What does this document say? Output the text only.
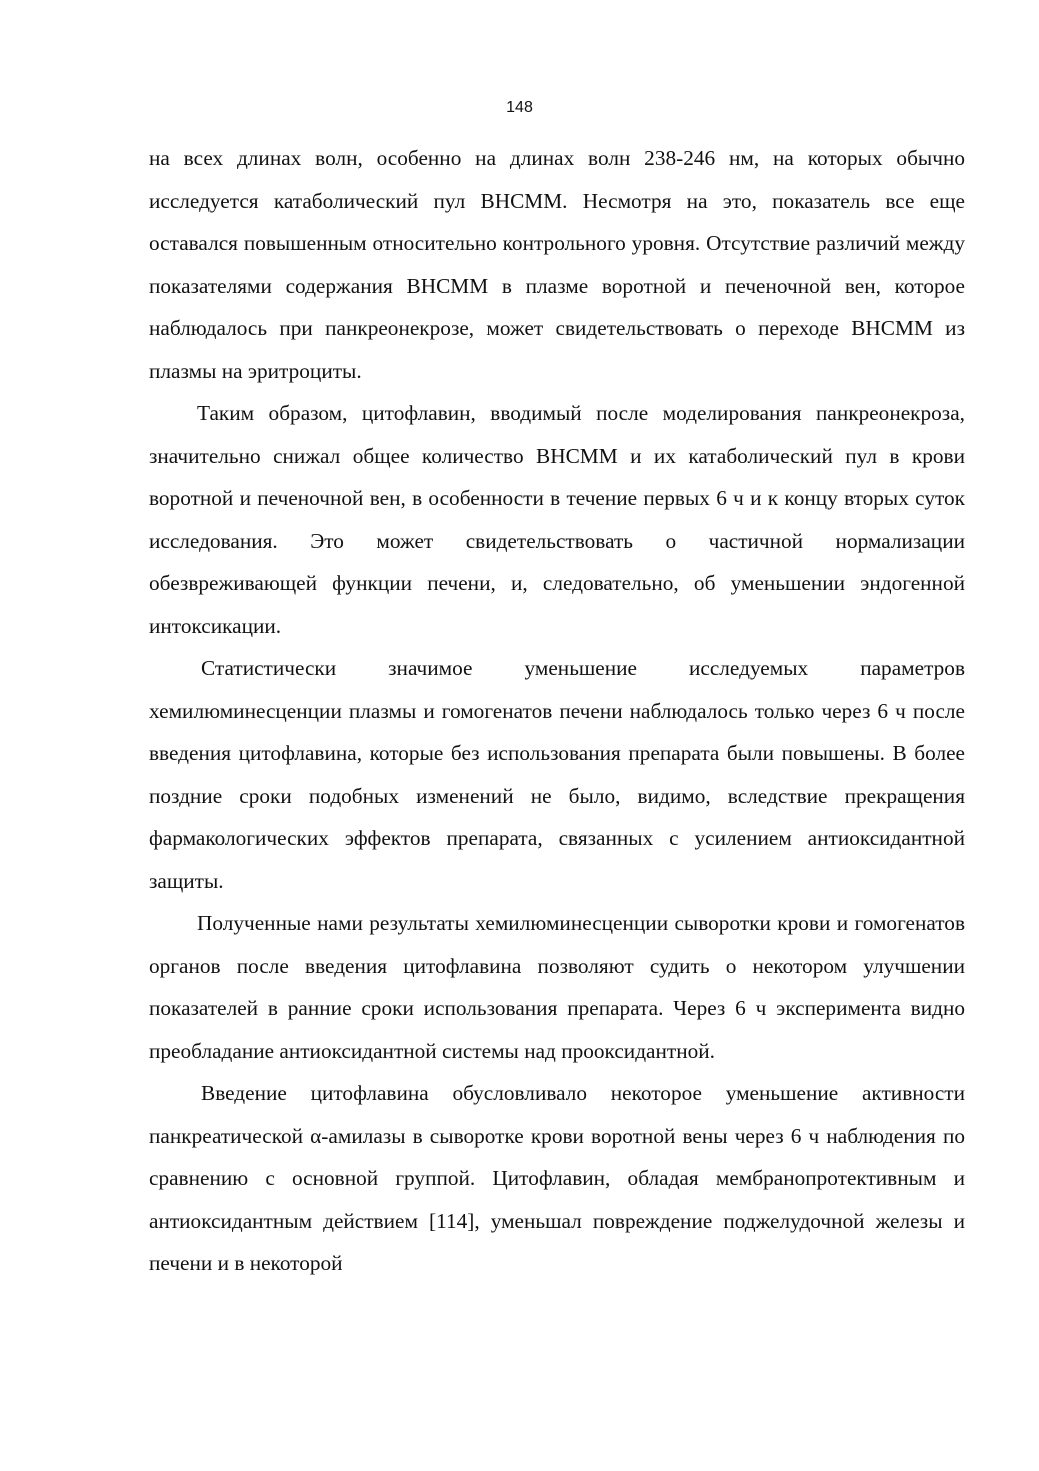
148

на всех длинах волн, особенно на длинах волн 238-246 нм, на которых обычно исследуется катаболический пул ВНСММ. Несмотря на это, показатель все еще оставался повышенным относительно контрольного уровня. Отсутствие различий между показателями содержания ВНСММ в плазме воротной и печеночной вен, которое наблюдалось при панкреонекрозе, может свидетельствовать о переходе ВНСММ из плазмы на эритроциты.

Таким образом, цитофлавин, вводимый после моделирования панкреонекроза, значительно снижал общее количество ВНСММ и их катаболический пул в крови воротной и печеночной вен, в особенности в течение первых 6 ч и к концу вторых суток исследования. Это может свидетельствовать о частичной нормализации обезвреживающей функции печени, и, следовательно, об уменьшении эндогенной интоксикации.

Статистически значимое уменьшение исследуемых параметров хемилюминесценции плазмы и гомогенатов печени наблюдалось только через 6 ч после введения цитофлавина, которые без использования препарата были повышены. В более поздние сроки подобных изменений не было, видимо, вследствие прекращения фармакологических эффектов препарата, связанных с усилением антиоксидантной защиты.

Полученные нами результаты хемилюминесценции сыворотки крови и гомогенатов органов после введения цитофлавина позволяют судить о некотором улучшении показателей в ранние сроки использования препарата. Через 6 ч эксперимента видно преобладание антиоксидантной системы над прооксидантной.

Введение цитофлавина обусловливало некоторое уменьшение активности панкреатической α-амилазы в сыворотке крови воротной вены через 6 ч наблюдения по сравнению с основной группой. Цитофлавин, обладая мембранопротективным и антиоксидантным действием [114], уменьшал повреждение поджелудочной железы и печени и в некоторой
